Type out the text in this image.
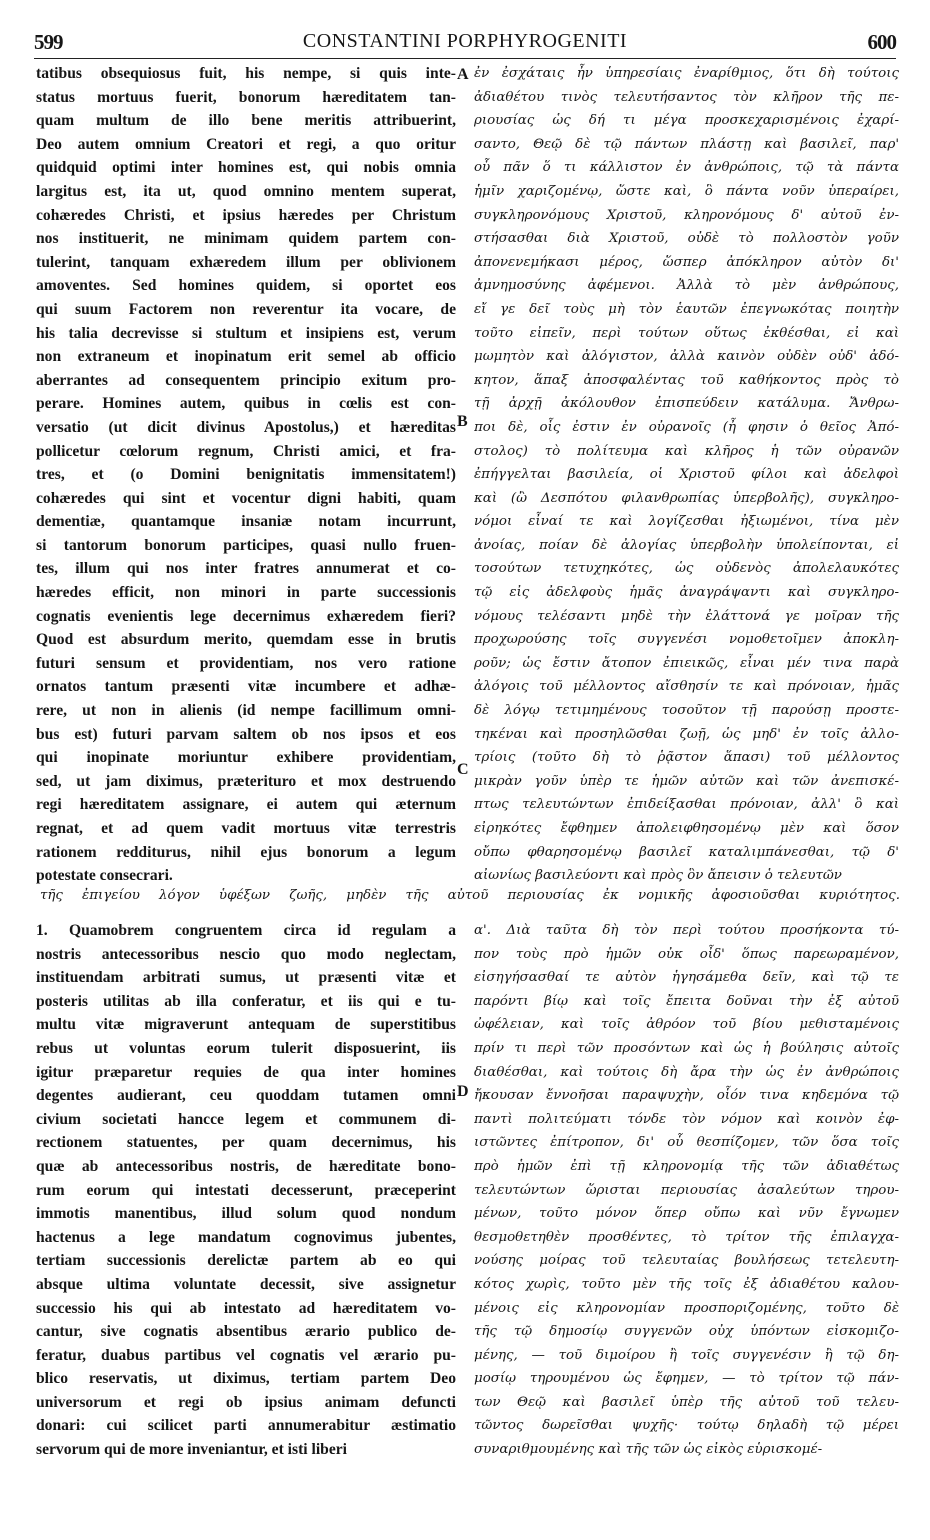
599	CONSTANTINI PORPHYROGENITI	600
tatibus obsequiosus fuit, his nempe, si quis inte-
status mortuus fuerit, bonorum hæreditatem tan-
quam multum de illo bene meritis attribuerint,
Deo autem omnium Creatori et regi, a quo oritur
quidquid optimi inter homines est, qui nobis omnia
largitus est, ita ut, quod omnino mentem superat,
cohæredes Christi, et ipsius hæredes per Christum
nos instituerit, ne minimam quidem partem con-
tulerint, tanquam exhæredem illum per oblivionem
amoventes. Sed homines quidem, si oportet eos
qui suum Factorem non reverentur ita vocare, de
his talia decrevisse si stultum et insipiens est, verum
non extraneum et inopinatum erit semel ab officio
aberrantes ad consequentem principio exitum pro-
perare. Homines autem, quibus in cœlis est con-
versatio (ut dicit divinus Apostolus,) et hæreditas
pollicetur cœlorum regnum, Christi amici, et fra-
tres, et (o Domini benignitatis immensitatem!)
cohæredes qui sint et vocentur digni habiti, quam
dementiæ, quantamque insaniæ notam incurrunt,
si tantorum bonorum participes, quasi nullo fruen-
tes, illum qui nos inter fratres annumerat et co-
hæredes efficit, non minori in parte successionis
cognatis evenientis lege decernimus exhæredem fieri?
Quod est absurdum merito, quemdam esse in brutis
futuri sensum et providentiam, nos vero ratione
ornatos tantum præsenti vitæ incumbere et adhæ-
rere, ut non in alienis (id nempe facillimum omni-
bus est) futuri parvam saltem ob nos ipsos et eos
qui inopinate moriuntur exhibere providentiam,
sed, ut jam diximus, præterituro et mox destruendo
regi hæreditatem assignare, ei autem qui æternum
regnat, et ad quem vadit mortuus vitæ terrestris
rationem redditurus, nihil ejus bonorum a legum
potestate consecrari.
ἐν ἐσχάταις ἦν ὑπηρεσίαις ἐναρίθμιος, ὅτι δὴ τούτοις
ἀδιαθέτου τινὸς τελευτήσαντος τὸν κλῆρον τῆς πε-
ριουσίας ὡς δή τι μέγα προσκεχαρισμένοις ἐχαρί-
σαντο, Θεῷ δὲ τῷ πάντων πλάστῃ καὶ βασιλεῖ, παρ'
οὗ πᾶν ὅ τι κάλλιστον ἐν ἀνθρώποις, τῷ τὰ πάντα
ἡμῖν χαριζομένῳ, ὥστε καὶ, ὃ πάντα νοῦν ὑπεραίρει,
συγκληρονόμους Χριστοῦ, κληρονόμους δ' αὐτοῦ ἐν-
στήσασθαι διὰ Χριστοῦ, οὐδὲ τὸ πολλοστὸν γοῦν
ἀπονενεμήκασι μέρος, ὥσπερ ἀπόκληρον αὐτὸν δι'
ἀμνημοσύνης ἀφέμενοι. Ἀλλὰ τὸ μὲν ἀνθρώπους,
εἴ γε δεῖ τοὺς μὴ τὸν ἑαυτῶν ἐπεγνωκότας ποιητὴν
τοῦτο εἰπεῖν, περὶ τούτων οὕτως ἐκθέσθαι, εἰ καὶ
μωμητὸν καὶ ἀλόγιστον, ἀλλὰ καινὸν οὐδὲν οὐδ' ἀδό-
κητον, ἅπαξ ἀποσφαλέντας τοῦ καθήκοντος πρὸς τὸ
τῇ ἀρχῇ ἀκόλουθον ἐπισπεύδειν κατάλυμα. Ἄνθρω-
ποι δὲ, οἷς ἐστιν ἐν οὐρανοῖς (ἦ φησιν ὁ θεῖος Ἀπό-
στολος) τὸ πολίτευμα καὶ κλῆρος ἡ τῶν οὐρανῶν
ἐπήγγελται βασιλεία, οἱ Χριστοῦ φίλοι καὶ ἀδελφοὶ
καὶ (ὢ Δεσπότου φιλανθρωπίας ὑπερβολῆς), συγκληρο-
νόμοι εἶναί τε καὶ λογίζεσθαι ἠξιωμένοι, τίνα μὲν
ἀνοίας, ποίαν δὲ ἀλογίας ὑπερβολὴν ὑπολείπονται, εἰ
τοσούτων τετυχηκότες, ὡς οὐδενὸς ἀπολελαυκότες
τῷ εἰς ἀδελφοὺς ἡμᾶς ἀναγράψαντι καὶ συγκληρο-
νόμους τελέσαντι μηδὲ τὴν ἐλάττονά γε μοῖραν τῆς
προχωρούσης τοῖς συγγενέσι νομοθετοῖμεν ἀποκλη-
ροῦν; ὡς ἔστιν ἄτοπον ἐπιεικῶς, εἶναι μέν τινα παρὰ
ἀλόγοις τοῦ μέλλοντος αἴσθησίν τε καὶ πρόνοιαν, ἡμᾶς
δὲ λόγῳ τετιμημένους τοσοῦτον τῇ παρούσῃ προστε-
τηκέναι καὶ προσηλῶσθαι ζωῇ, ὡς μηδ' ἐν τοῖς ἀλλο-
τρίοις (τοῦτο δὴ τὸ ῥᾷστον ἅπασι) τοῦ μέλλοντος
μικρὰν γοῦν ὑπὲρ τε ἡμῶν αὐτῶν καὶ τῶν ἀνεπισκέ-
πτως τελευτώντων ἐπιδείξασθαι πρόνοιαν, ἀλλ' ὃ καὶ
εἰρηκότες ἔφθημεν ἀπολειφθησομένῳ μὲν καὶ ὅσον
οὔπω φθαρησομένῳ βασιλεῖ καταλιμπάνεσθαι, τῷ δ'
αἰωνίως βασιλεύοντι καὶ πρὸς ὃν ἄπεισιν ὁ τελευτῶν
τῆς ἐπιγείου λόγον ὑφέξων ζωῆς, μηδὲν τῆς αὐτοῦ περιουσίας ἐκ νομικῆς ἀφοσιοῦσθαι κυριότητος.
1. Quamobrem congruentem circa id regulam a
nostris antecessoribus nescio quo modo neglectam,
instituendam arbitrati sumus, ut præsenti vitæ et
posteris utilitas ab illa conferatur, et iis qui e tu-
multu vitæ migraverunt antequam de superstitibus
rebus ut voluntas eorum tulerit disposuerint, iis
igitur præparetur requies de qua inter homines
degentes audierant, ceu quoddam tutamen omni
civium societati hancce legem et communem di-
rectionem statuentes, per quam decernimus, his
quæ ab antecessoribus nostris, de hæreditate bono-
rum eorum qui intestati decesserunt, præceperint
immotis manentibus, illud solum quod nondum
hactenus a lege mandatum cognovimus jubentes,
tertiam successionis derelictæ partem ab eo qui
absque ultima voluntate decessit, sive assignetur
successio his qui ab intestato ad hæreditatem vo-
cantur, sive cognatis absentibus ærario publico de-
feratur, duabus partibus vel cognatis vel ærario pu-
blico reservatis, ut diximus, tertiam partem Deo
universorum et regi ob ipsius animam defuncti
donari: cui scilicet parti annumerabitur æstimatio
servorum qui de more inveniantur, et isti liberi
α'. Διὰ ταῦτα δὴ τὸν περὶ τούτου προσήκοντα τύ-
πον τοὺς πρὸ ἡμῶν οὐκ οἶδ' ὅπως παρεωραμένον,
εἰσηγήσασθαί τε αὐτὸν ἡγησάμεθα δεῖν, καὶ τῷ τε
παρόντι βίῳ καὶ τοῖς ἔπειτα δοῦναι τὴν ἐξ αὐτοῦ
ὠφέλειαν, καὶ τοῖς ἀθρόον τοῦ βίου μεθισταμένοις
πρίν τι περὶ τῶν προσόντων καὶ ὡς ἡ βούλησις αὐτοῖς
διαθέσθαι, καὶ τούτοις δὴ ἄρα τὴν ὡς ἐν ἀνθρώποις
ἤκουσαν ἔννοῆσαι παραψυχὴν, οἷόν τινα κηδεμόνα τῷ
παντὶ πολιτεύματι τόνδε τὸν νόμον καὶ κοινὸν ἐφ-
ιστῶντες ἐπίτροπον, δι' οὗ θεσπίζομεν, τῶν ὅσα τοῖς
πρὸ ἡμῶν ἐπὶ τῇ κληρονομίᾳ τῆς τῶν ἀδιαθέτως
τελευτώντων ὥρισται περιουσίας ἀσαλεύτων τηρου-
μένων, τοῦτο μόνον ὅπερ οὔπω καὶ νῦν ἔγνωμεν
θεσμοθετηθὲν προσθέντες, τὸ τρίτον τῆς ἐπιλαγχα-
νούσης μοίρας τοῦ τελευταίας βουλήσεως τετελευτη-
κότος χωρὶς, τοῦτο μὲν τῆς τοῖς ἐξ ἀδιαθέτου καλου-
μένοις εἰς κληρονομίαν προσποριζομένης, τοῦτο δὲ
τῆς τῷ δημοσίῳ συγγενῶν οὐχ ὑπόντων εἰσκομιζο-
μένης, — τοῦ διμοίρου ἢ τοῖς συγγενέσιν ἢ τῷ δη-
μοσίῳ τηρουμένου ὡς ἔφημεν, — τὸ τρίτον τῷ πάν-
των Θεῷ καὶ βασιλεῖ ὑπὲρ τῆς αὐτοῦ τοῦ τελευ-
τῶντος δωρεῖσθαι ψυχῆς· τούτῳ δηλαδὴ τῷ μέρει
συναριθμουμένης καὶ τῆς τῶν ὡς εἰκὸς εὑρισκομέ-
A
B
C
D
